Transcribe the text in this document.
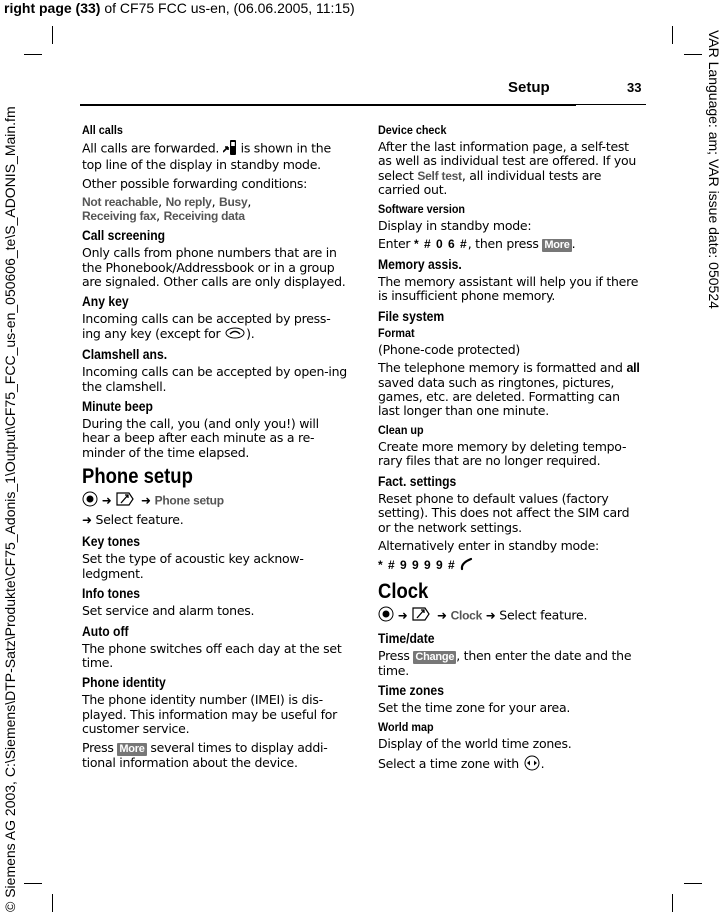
right page (33) of CF75 FCC us-en, (06.06.2005, 11:15)
© Siemens AG 2003, C:\Siemens\DTP-Satz\Produkte\CF75_Adonis_1\Output\CF75_FCC_us-en_050606_te\S_ADONIS_Main.fm	VAR Language: am; VAR issue date: 050524
Setup	33
All calls

All calls are forwarded.  is shown in the top line of the display in standby mode.

Other possible forwarding conditions:

Not reachable, No reply, Busy,
Receiving fax, Receiving data

Call screening

Only calls from phone numbers that are in the Phonebook/Addressbook or in a group are signaled. Other calls are only displayed.

Any key

Incoming calls can be accepted by press-ing any key (except for ).

Clamshell ans.

Incoming calls can be accepted by open-ing the clamshell.

Minute beep

During the call, you (and only you!) will hear a beep after each minute as a re-minder of the time elapsed.

Phone setup

➜ ➜ Phone setup
➜ Select feature.

Key tones

Set the type of acoustic key acknow-ledgment.

Info tones

Set service and alarm tones.

Auto off

The phone switches off each day at the set time.

Phone identity

The phone identity number (IMEI) is dis-played. This information may be useful for customer service.

Press More several times to display addi-tional information about the device.

Device check

After the last information page, a self-test as well as individual test are offered. If you select Self test, all individual tests are carried out.

Software version

Display in standby mode:

Enter * # 0 6 #, then press More .

Memory assis.

The memory assistant will help you if there is insufficient phone memory.

File system
Format

(Phone-code protected)

The telephone memory is formatted and all saved data such as ringtones, pictures, games, etc. are deleted. Formatting can last longer than one minute.

Clean up

Create more memory by deleting tempo-rary files that are no longer required.

Fact. settings

Reset phone to default values (factory setting). This does not affect the SIM card or the network settings.

Alternatively enter in standby mode:

* # 9 9 9 9 #

Clock

➜ ➜ Clock ➜ Select feature.

Time/date

Press Change , then enter the date and the time.

Time zones

Set the time zone for your area.

World map

Display of the world time zones.

Select a time zone with .
